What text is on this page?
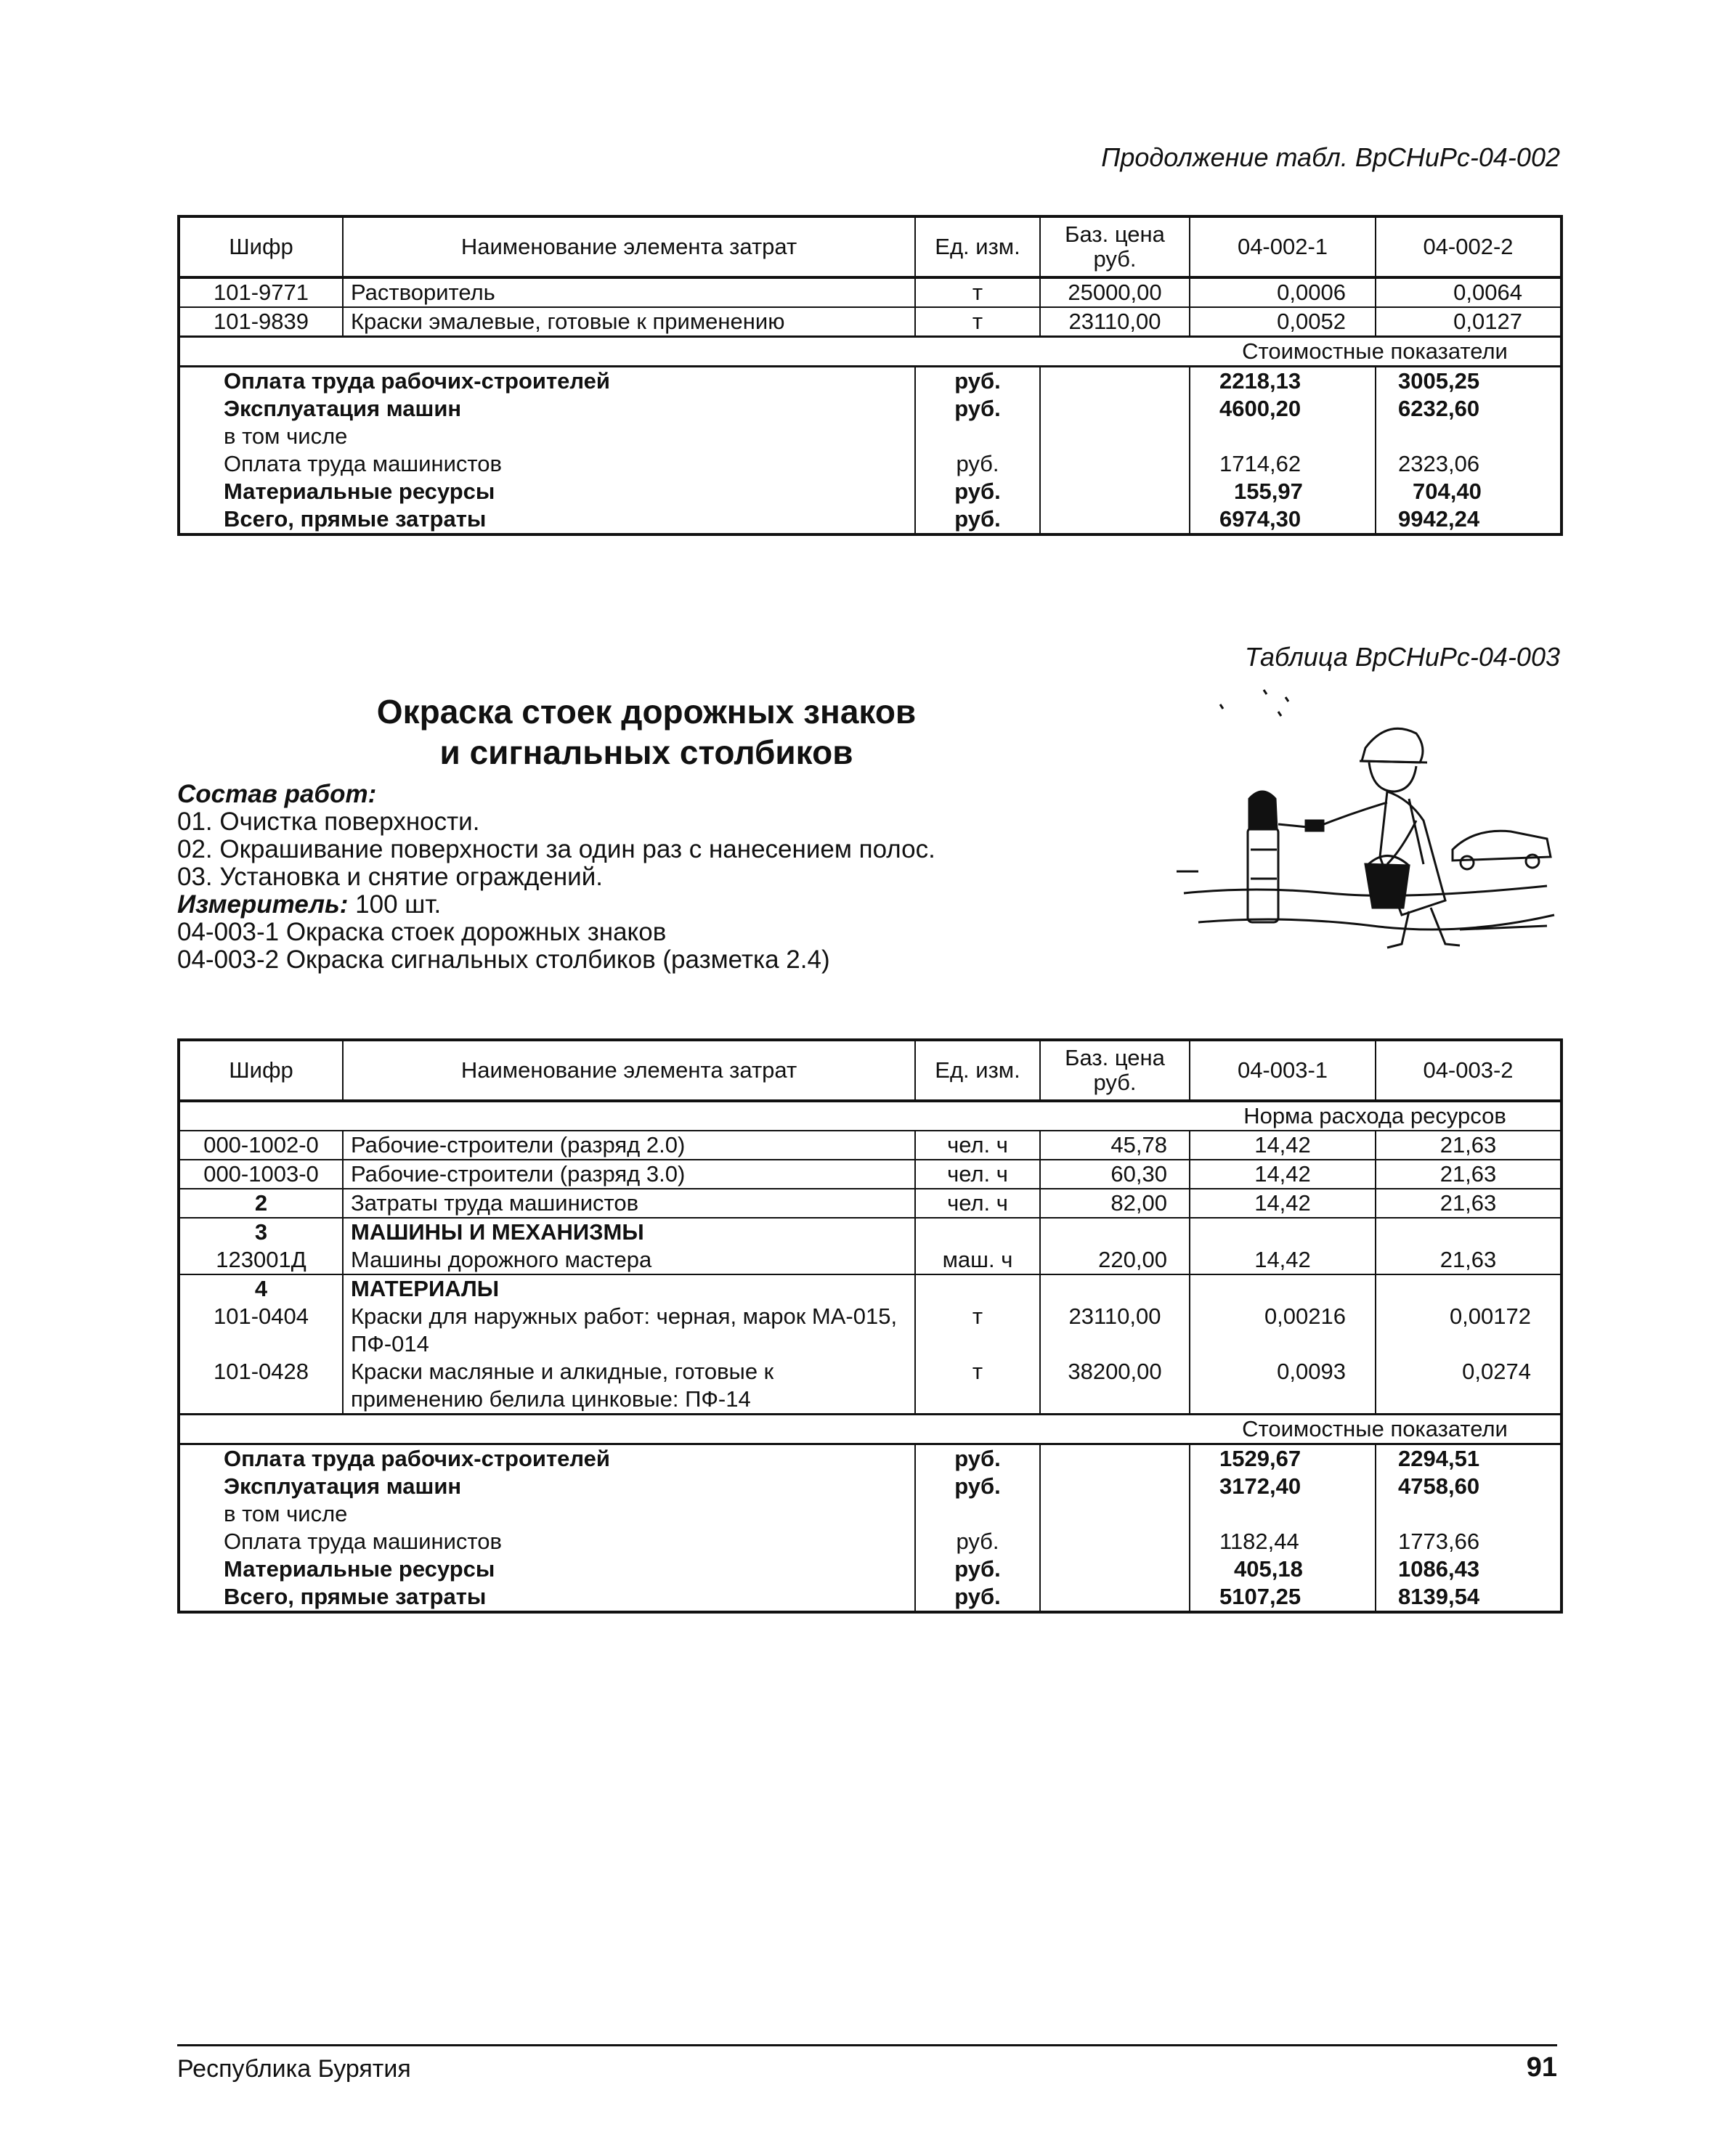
Продолжение табл. ВрСНиРс-04-002
Шифр	Наименование элемента затрат	Ед. изм.	Баз. цена руб.	04-002-1	04-002-2
101-9771	Растворитель	т	25000,00	0,0006	0,0064
101-9839	Краски эмалевые, готовые к применению	т	23110,00	0,0052	0,0127
				Стоимостные показатели	
Оплата труда рабочих-строителей		руб.		2218,13	3005,25
Эксплуатация машин		руб.		4600,20	6232,60
в том числе					
Оплата труда машинистов		руб.		1714,62	2323,06
Материальные ресурсы		руб.		155,97	704,40
Всего, прямые затраты		руб.		6974,30	9942,24
Таблица ВрСНиРс-04-003
Окраска стоек дорожных знаков
и сигнальных столбиков
Состав работ:
01. Очистка поверхности.
02. Окрашивание поверхности за один раз с нанесением полос.
03. Установка и снятие ограждений.
Измеритель: 100 шт.
04-003-1 Окраска стоек дорожных знаков
04-003-2 Окраска сигнальных столбиков (разметка 2.4)
Шифр	Наименование элемента затрат	Ед. изм.	Баз. цена руб.	04-003-1	04-003-2
				Норма расхода ресурсов	
000-1002-0	Рабочие-строители (разряд 2.0)	чел. ч	45,78	14,42	21,63
000-1003-0	Рабочие-строители (разряд 3.0)	чел. ч	60,30	14,42	21,63
2	Затраты труда машинистов	чел. ч	82,00	14,42	21,63
3	МАШИНЫ И МЕХАНИЗМЫ				
123001Д	Машины дорожного мастера	маш. ч	220,00	14,42	21,63
4	МАТЕРИАЛЫ				
101-0404	Краски для наружных работ: черная, марок МА-015, ПФ-014	т	23110,00	0,00216	0,00172
101-0428	Краски масляные и алкидные, готовые к применению белила цинковые: ПФ-14	т	38200,00	0,0093	0,0274
				Стоимостные показатели	
Оплата труда рабочих-строителей		руб.		1529,67	2294,51
Эксплуатация машин		руб.		3172,40	4758,60
в том числе					
Оплата труда машинистов		руб.		1182,44	1773,66
Материальные ресурсы		руб.		405,18	1086,43
Всего, прямые затраты		руб.		5107,25	8139,54
Республика Бурятия	91
